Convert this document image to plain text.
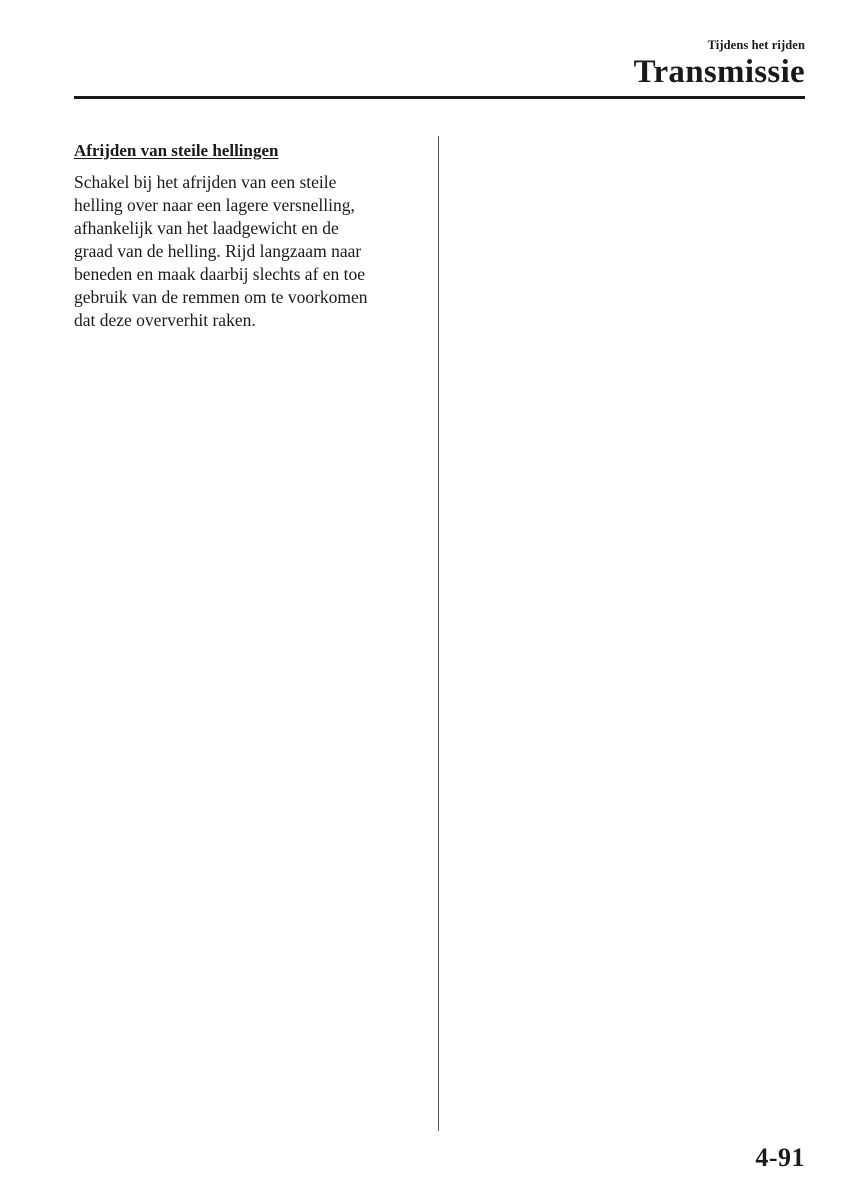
Tijdens het rijden
Transmissie
Afrijden van steile hellingen

Schakel bij het afrijden van een steile
helling over naar een lagere versnelling,
afhankelijk van het laadgewicht en de
graad van de helling. Rijd langzaam naar
beneden en maak daarbij slechts af en toe
gebruik van de remmen om te voorkomen
dat deze oververhit raken.

4-91
